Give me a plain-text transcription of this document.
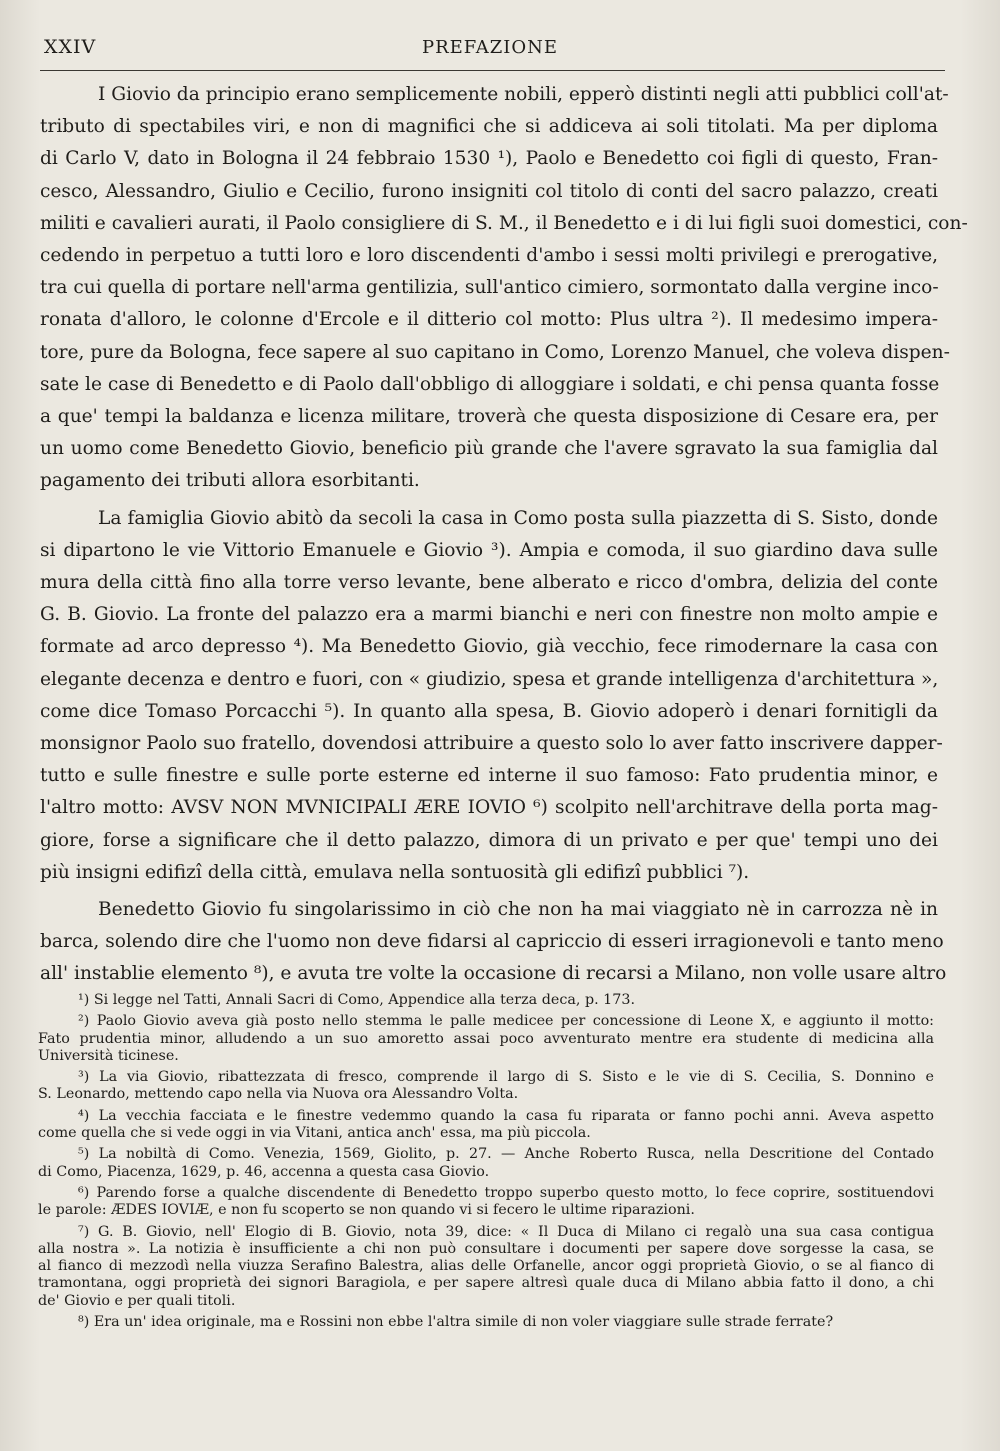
XXIV	PREFAZIONE
I Giovio da principio erano semplicemente nobili, epperò distinti negli atti pubblici coll'at-
tributo di spectabiles viri, e non di magnifici che si addiceva ai soli titolati. Ma per diploma
di Carlo V, dato in Bologna il 24 febbraio 1530 ¹), Paolo e Benedetto coi figli di questo, Fran-
cesco, Alessandro, Giulio e Cecilio, furono insigniti col titolo di conti del sacro palazzo, creati
militi e cavalieri aurati, il Paolo consigliere di S. M., il Benedetto e i di lui figli suoi domestici, con-
cedendo in perpetuo a tutti loro e loro discendenti d'ambo i sessi molti privilegi e prerogative,
tra cui quella di portare nell'arma gentilizia, sull'antico cimiero, sormontato dalla vergine inco-
ronata d'alloro, le colonne d'Ercole e il ditterio col motto: Plus ultra ²). Il medesimo impera-
tore, pure da Bologna, fece sapere al suo capitano in Como, Lorenzo Manuel, che voleva dispen-
sate le case di Benedetto e di Paolo dall'obbligo di alloggiare i soldati, e chi pensa quanta fosse
a que' tempi la baldanza e licenza militare, troverà che questa disposizione di Cesare era, per
un uomo come Benedetto Giovio, beneficio più grande che l'avere sgravato la sua famiglia dal
pagamento dei tributi allora esorbitanti.
La famiglia Giovio abitò da secoli la casa in Como posta sulla piazzetta di S. Sisto, donde
si dipartono le vie Vittorio Emanuele e Giovio ³). Ampia e comoda, il suo giardino dava sulle
mura della città fino alla torre verso levante, bene alberato e ricco d'ombra, delizia del conte
G. B. Giovio. La fronte del palazzo era a marmi bianchi e neri con finestre non molto ampie e
formate ad arco depresso ⁴). Ma Benedetto Giovio, già vecchio, fece rimodernare la casa con
elegante decenza e dentro e fuori, con « giudizio, spesa et grande intelligenza d'architettura »,
come dice Tomaso Porcacchi ⁵). In quanto alla spesa, B. Giovio adoperò i denari fornitigli da
monsignor Paolo suo fratello, dovendosi attribuire a questo solo lo aver fatto inscrivere dapper-
tutto e sulle finestre e sulle porte esterne ed interne il suo famoso: Fato prudentia minor, e
l'altro motto: AVSV NON MVNICIPALI ÆRE IOVIO ⁶) scolpito nell'architrave della porta mag-
giore, forse a significare che il detto palazzo, dimora di un privato e per que' tempi uno dei
più insigni edifizî della città, emulava nella sontuosità gli edifizî pubblici ⁷).
Benedetto Giovio fu singolarissimo in ciò che non ha mai viaggiato nè in carrozza nè in
barca, solendo dire che l'uomo non deve fidarsi al capriccio di esseri irragionevoli e tanto meno
all' instablie elemento ⁸), e avuta tre volte la occasione di recarsi a Milano, non volle usare altro
¹) Si legge nel Tatti, Annali Sacri di Como, Appendice alla terza deca, p. 173.
²) Paolo Giovio aveva già posto nello stemma le palle medicee per concessione di Leone X, e aggiunto il motto:
Fato prudentia minor, alludendo a un suo amoretto assai poco avventurato mentre era studente di medicina alla
Università ticinese.
³) La via Giovio, ribattezzata di fresco, comprende il largo di S. Sisto e le vie di S. Cecilia, S. Donnino e
S. Leonardo, mettendo capo nella via Nuova ora Alessandro Volta.
⁴) La vecchia facciata e le finestre vedemmo quando la casa fu riparata or fanno pochi anni. Aveva aspetto
come quella che si vede oggi in via Vitani, antica anch' essa, ma più piccola.
⁵) La nobiltà di Como. Venezia, 1569, Giolito, p. 27. — Anche Roberto Rusca, nella Descritione del Contado
di Como, Piacenza, 1629, p. 46, accenna a questa casa Giovio.
⁶) Parendo forse a qualche discendente di Benedetto troppo superbo questo motto, lo fece coprire, sostituendovi
le parole: ÆDES IOVIÆ, e non fu scoperto se non quando vi si fecero le ultime riparazioni.
⁷) G. B. Giovio, nell' Elogio di B. Giovio, nota 39, dice: « Il Duca di Milano ci regalò una sua casa contigua
alla nostra ». La notizia è insufficiente a chi non può consultare i documenti per sapere dove sorgesse la casa, se
al fianco di mezzodì nella viuzza Serafino Balestra, alias delle Orfanelle, ancor oggi proprietà Giovio, o se al fianco di
tramontana, oggi proprietà dei signori Baragiola, e per sapere altresì quale duca di Milano abbia fatto il dono, a chi
de' Giovio e per quali titoli.
⁸) Era un' idea originale, ma e Rossini non ebbe l'altra simile di non voler viaggiare sulle strade ferrate?
